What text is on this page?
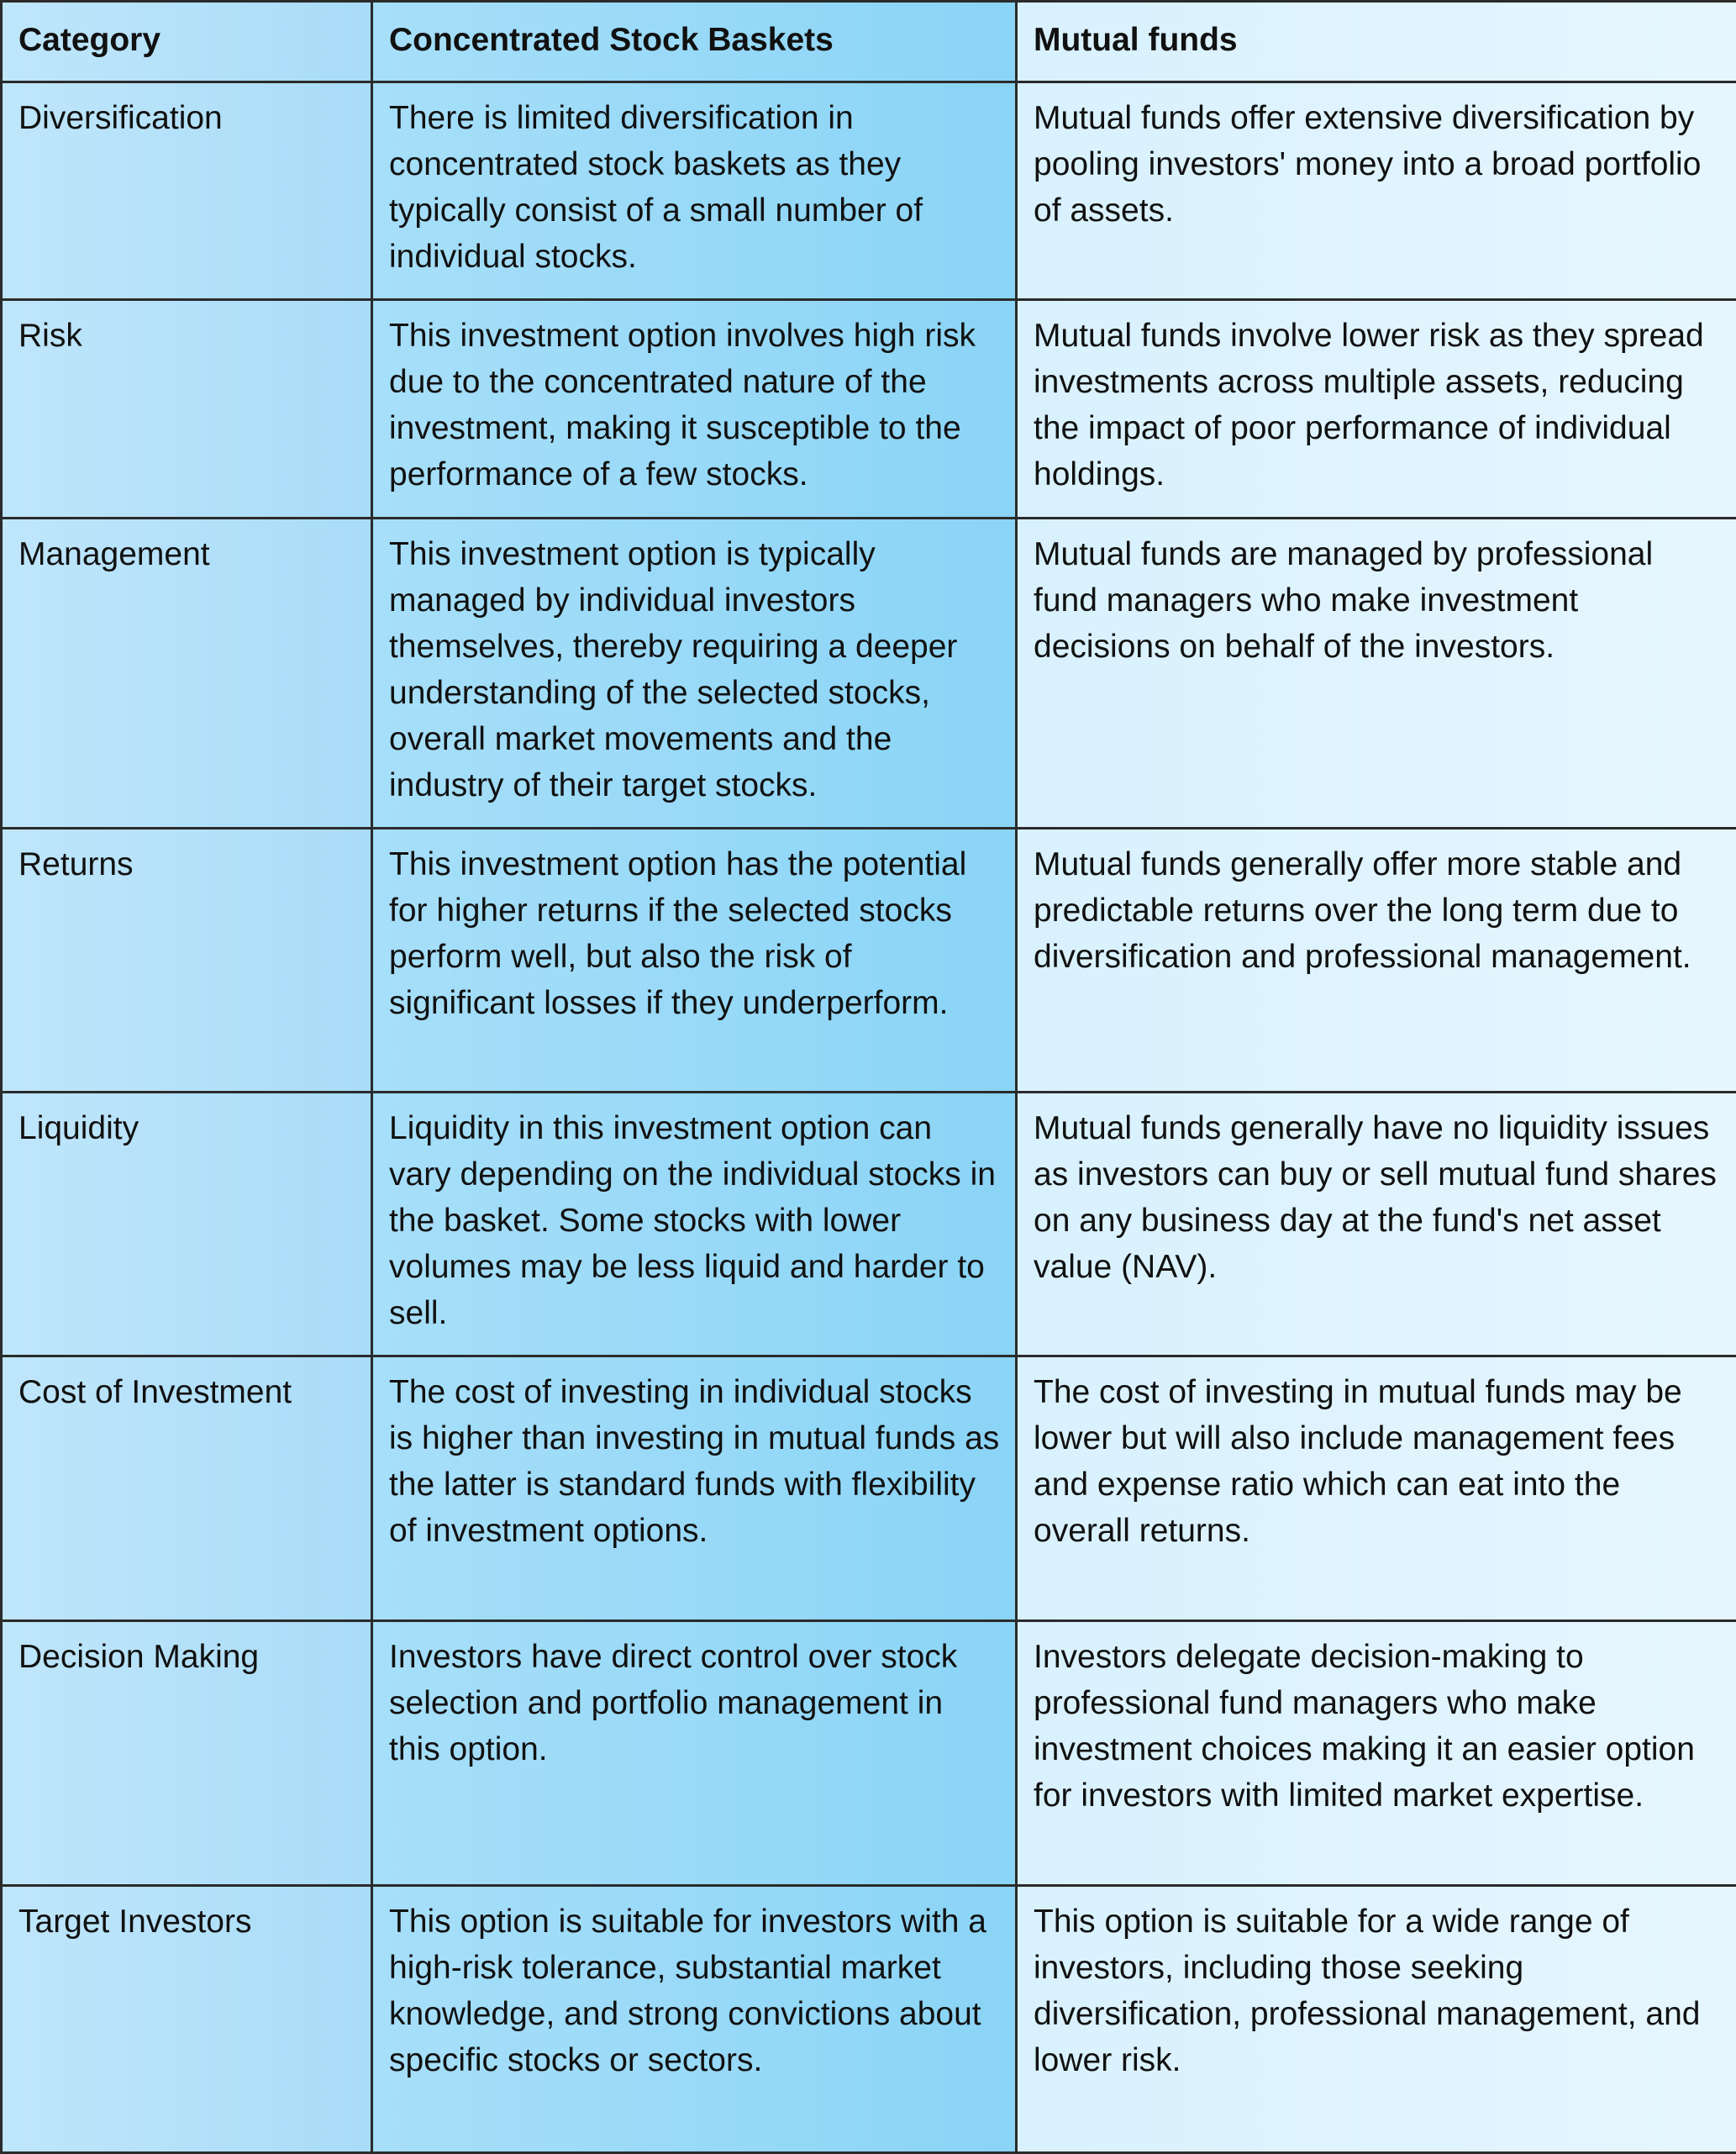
Category	Concentrated Stock Baskets	Mutual funds
Diversification	There is limited diversification in concentrated stock baskets as they typically consist of a small number of individual stocks.	Mutual funds offer extensive diversification by pooling investors' money into a broad portfolio of assets.
Risk	This investment option involves high risk due to the concentrated nature of the investment, making it susceptible to the performance of a few stocks.	Mutual funds involve lower risk as they spread investments across multiple assets, reducing the impact of poor performance of individual holdings.
Management	This investment option is typically managed by individual investors themselves, thereby requiring a deeper understanding of the selected stocks, overall market movements and the industry of their target stocks.	Mutual funds are managed by professional fund managers who make investment decisions on behalf of the investors.
Returns	This investment option has the potential for higher returns if the selected stocks perform well, but also the risk of significant losses if they underperform.	Mutual funds generally offer more stable and predictable returns over the long term due to diversification and professional management.
Liquidity	Liquidity in this investment option can vary depending on the individual stocks in the basket. Some stocks with lower volumes may be less liquid and harder to sell.	Mutual funds generally have no liquidity issues as investors can buy or sell mutual fund shares on any business day at the fund's net asset value (NAV).
Cost of Investment	The cost of investing in individual stocks is higher than investing in mutual funds as the latter is standard funds with flexibility of investment options.	The cost of investing in mutual funds may be lower but will also include management fees and expense ratio which can eat into the overall returns.
Decision Making	Investors have direct control over stock selection and portfolio management in this option.	Investors delegate decision-making to professional fund managers who make investment choices making it an easier option for investors with limited market expertise.
Target Investors	This option is suitable for investors with a high-risk tolerance, substantial market knowledge, and strong convictions about specific stocks or sectors.	This option is suitable for a wide range of investors, including those seeking diversification, professional management, and lower risk.
